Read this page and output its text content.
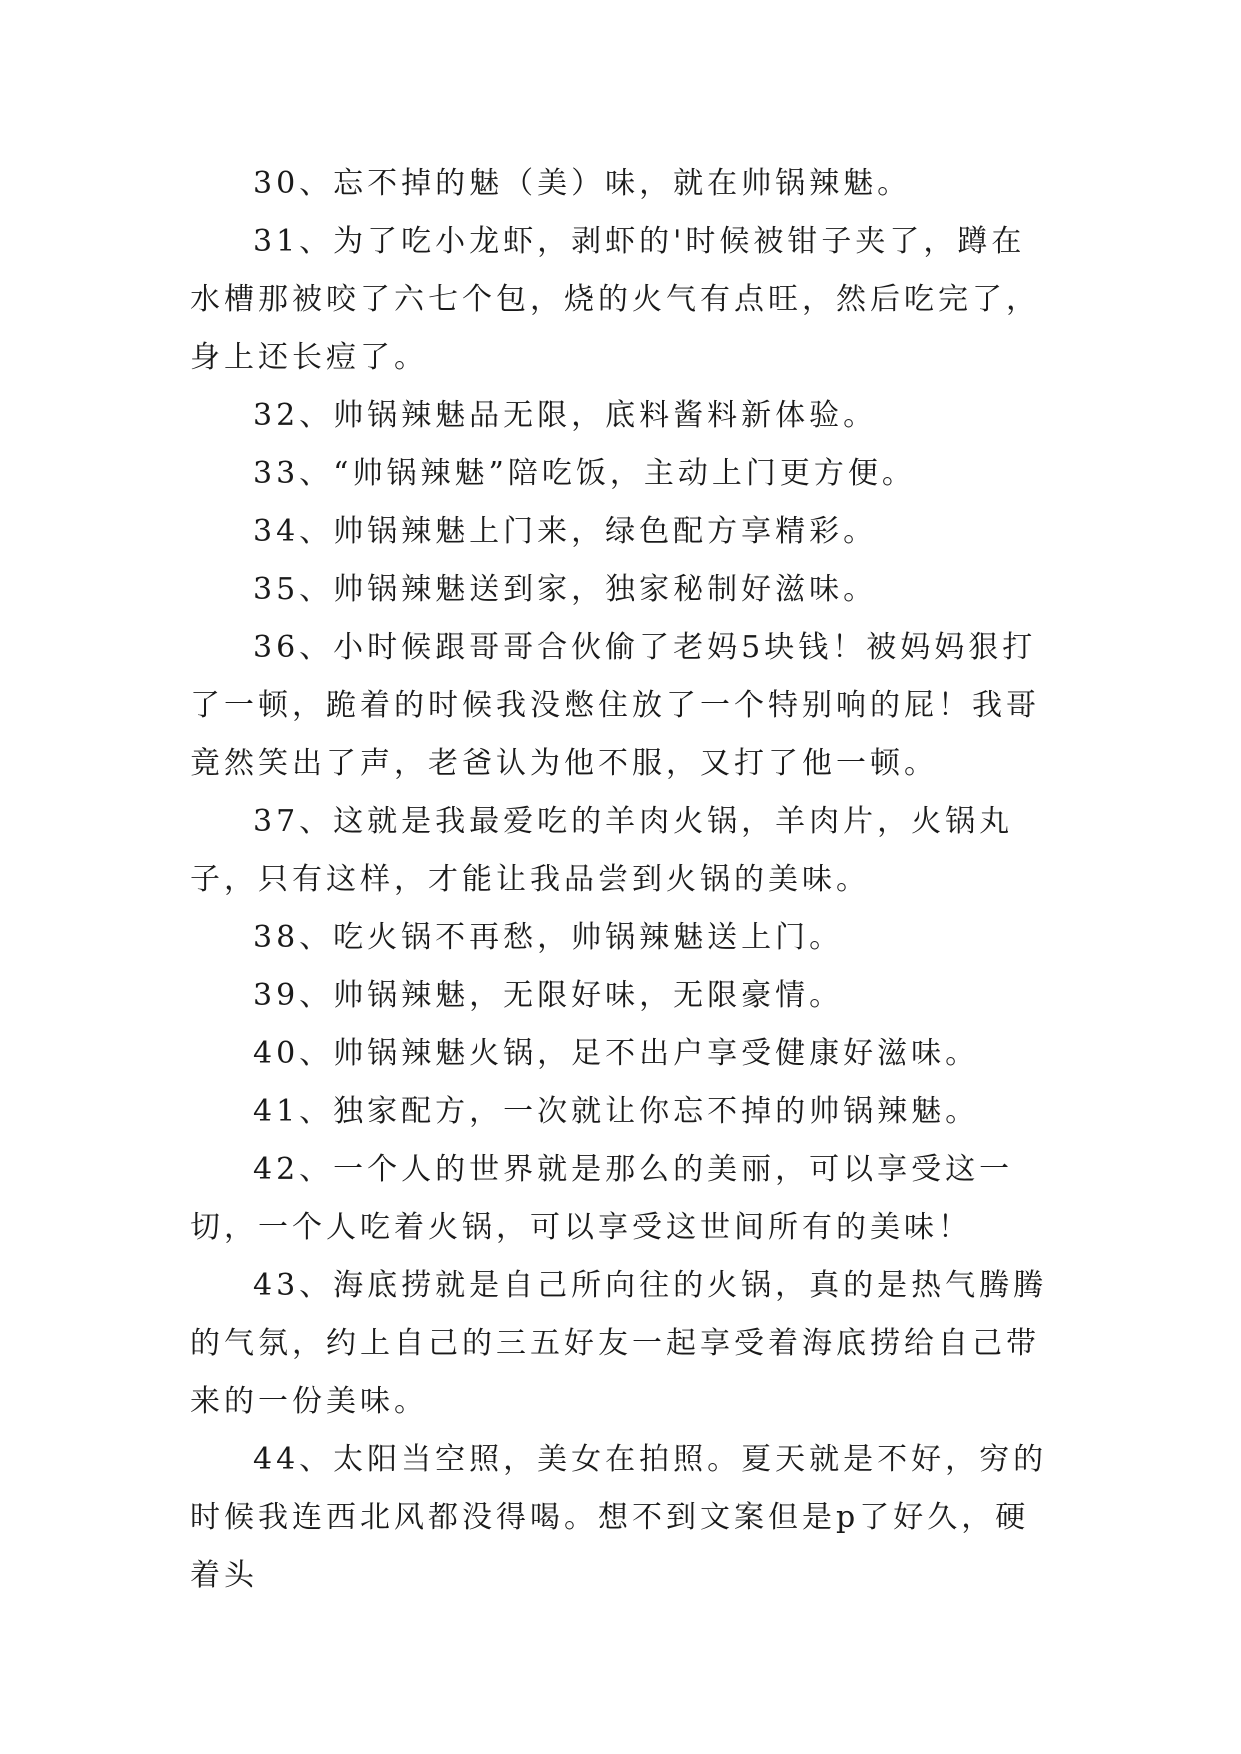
30、忘不掉的魅（美）味，就在帅锅辣魅。

31、为了吃小龙虾，剥虾的'时候被钳子夹了，蹲在水槽那被咬了六七个包，烧的火气有点旺，然后吃完了，身上还长痘了。

32、帅锅辣魅品无限，底料酱料新体验。

33、“帅锅辣魅”陪吃饭，主动上门更方便。

34、帅锅辣魅上门来，绿色配方享精彩。

35、帅锅辣魅送到家，独家秘制好滋味。

36、小时候跟哥哥合伙偷了老妈5块钱！被妈妈狠打了一顿，跪着的时候我没憋住放了一个特别响的屁！我哥竟然笑出了声，老爸认为他不服，又打了他一顿。

37、这就是我最爱吃的羊肉火锅，羊肉片，火锅丸子，只有这样，才能让我品尝到火锅的美味。

38、吃火锅不再愁，帅锅辣魅送上门。

39、帅锅辣魅，无限好味，无限豪情。

40、帅锅辣魅火锅，足不出户享受健康好滋味。

41、独家配方，一次就让你忘不掉的帅锅辣魅。

42、一个人的世界就是那么的美丽，可以享受这一切，一个人吃着火锅，可以享受这世间所有的美味！

43、海底捞就是自己所向往的火锅，真的是热气腾腾的气氛，约上自己的三五好友一起享受着海底捞给自己带来的一份美味。

44、太阳当空照，美女在拍照。夏天就是不好，穷的时候我连西北风都没得喝。想不到文案但是p了好久，硬着头
